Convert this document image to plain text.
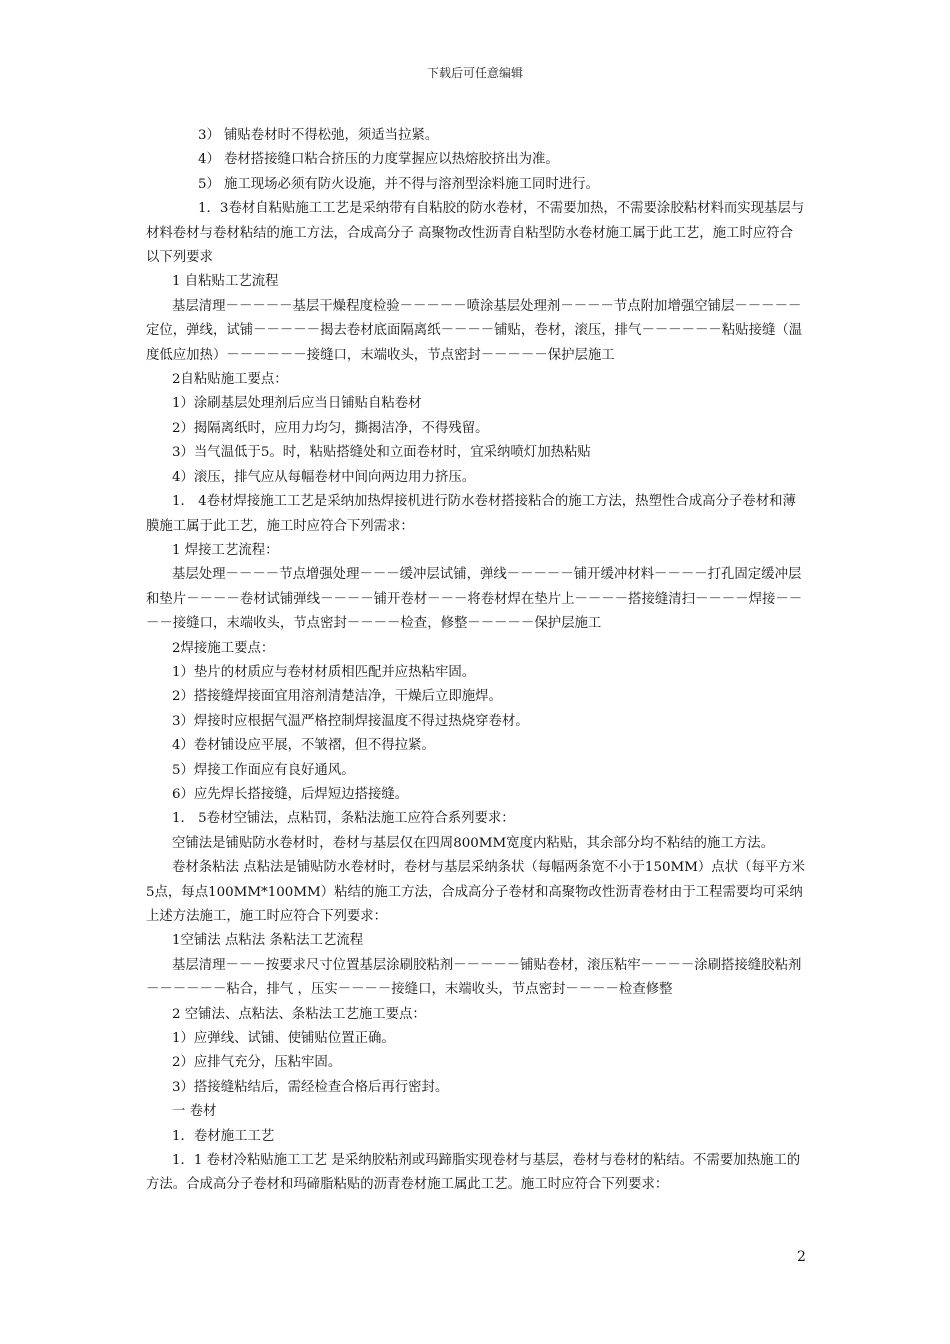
下载后可任意编辑

3） 铺贴卷材时不得松弛，须适当拉紧。

4） 卷材搭接缝口粘合挤压的力度掌握应以热熔胶挤出为准。

5） 施工现场必须有防火设施，并不得与溶剂型涂料施工同时进行。

1．3卷材自粘贴施工工艺是采纳带有自粘胶的防水卷材，不需要加热，不需要涂胶粘材料而实现基层与材料卷材与卷材粘结的施工方法，合成高分子 高聚物改性沥青自粘型防水卷材施工属于此工艺，施工时应符合以下列要求

1 自粘贴工艺流程

基层清理－－－－－基层干燥程度检验－－－－－喷涂基层处理剂－－－－节点附加增强空铺层－－－－－定位，弹线，试铺－－－－－揭去卷材底面隔离纸－－－－铺贴，卷材，滚压，排气－－－－－－粘贴接缝（温度低应加热）－－－－－－接缝口，末端收头，节点密封－－－－－保护层施工

2自粘贴施工要点：

1）涂刷基层处理剂后应当日铺贴自粘卷材

2）揭隔离纸时，应用力均匀，撕揭洁净，不得残留。

3）当气温低于5。时，粘贴搭缝处和立面卷材时，宜采纳喷灯加热粘贴

4）滚压，排气应从每幅卷材中间向两边用力挤压。

1． 4卷材焊接施工工艺是采纳加热焊接机进行防水卷材搭接粘合的施工方法，热塑性合成高分子卷材和薄膜施工属于此工艺，施工时应符合下列需求：

1 焊接工艺流程：

基层处理－－－－节点增强处理－－－缓冲层试铺，弹线－－－－－铺开缓冲材料－－－－打孔固定缓冲层和垫片－－－－卷材试铺弹线－－－－铺开卷材－－－将卷材焊在垫片上－－－－搭接缝清扫－－－－焊接－－－－接缝口，末端收头，节点密封－－－－检查，修整－－－－－保护层施工

2焊接施工要点：

1）垫片的材质应与卷材材质相匹配并应热粘牢固。

2）搭接缝焊接面宜用溶剂清楚洁净，干燥后立即施焊。

3）焊接时应根据气温严格控制焊接温度不得过热烧穿卷材。

4）卷材铺设应平展，不皱褶，但不得拉紧。

5）焊接工作面应有良好通风。

6）应先焊长搭接缝，后焊短边搭接缝。

1． 5卷材空铺法，点粘罚，条粘法施工应符合系列要求：

空铺法是铺贴防水卷材时，卷材与基层仅在四周800MM宽度内粘贴，其余部分均不粘结的施工方法。

卷材条粘法 点粘法是铺贴防水卷材时，卷材与基层采纳条状（每幅两条宽不小于150MM）点状（每平方米5点，每点100MM*100MM）粘结的施工方法，合成高分子卷材和高聚物改性沥青卷材由于工程需要均可采纳上述方法施工，施工时应符合下列要求：

1空铺法 点粘法 条粘法工艺流程

基层清理－－－按要求尺寸位置基层涂刷胶粘剂－－－－－铺贴卷材，滚压粘牢－－－－涂刷搭接缝胶粘剂－－－－－－粘合，排气 ，压实－－－－接缝口，末端收头，节点密封－－－－检查修整

2 空铺法、点粘法、条粘法工艺施工要点：

1）应弹线、试铺、使铺贴位置正确。

2）应排气充分，压粘牢固。

3）搭接缝粘结后，需经检查合格后再行密封。

一 卷材

1．卷材施工工艺

1．1 卷材冷粘贴施工工艺 是采纳胶粘剂或玛蹄脂实现卷材与基层，卷材与卷材的粘结。不需要加热施工的方法。合成高分子卷材和玛碲脂粘贴的沥青卷材施工属此工艺。施工时应符合下列要求：

2
